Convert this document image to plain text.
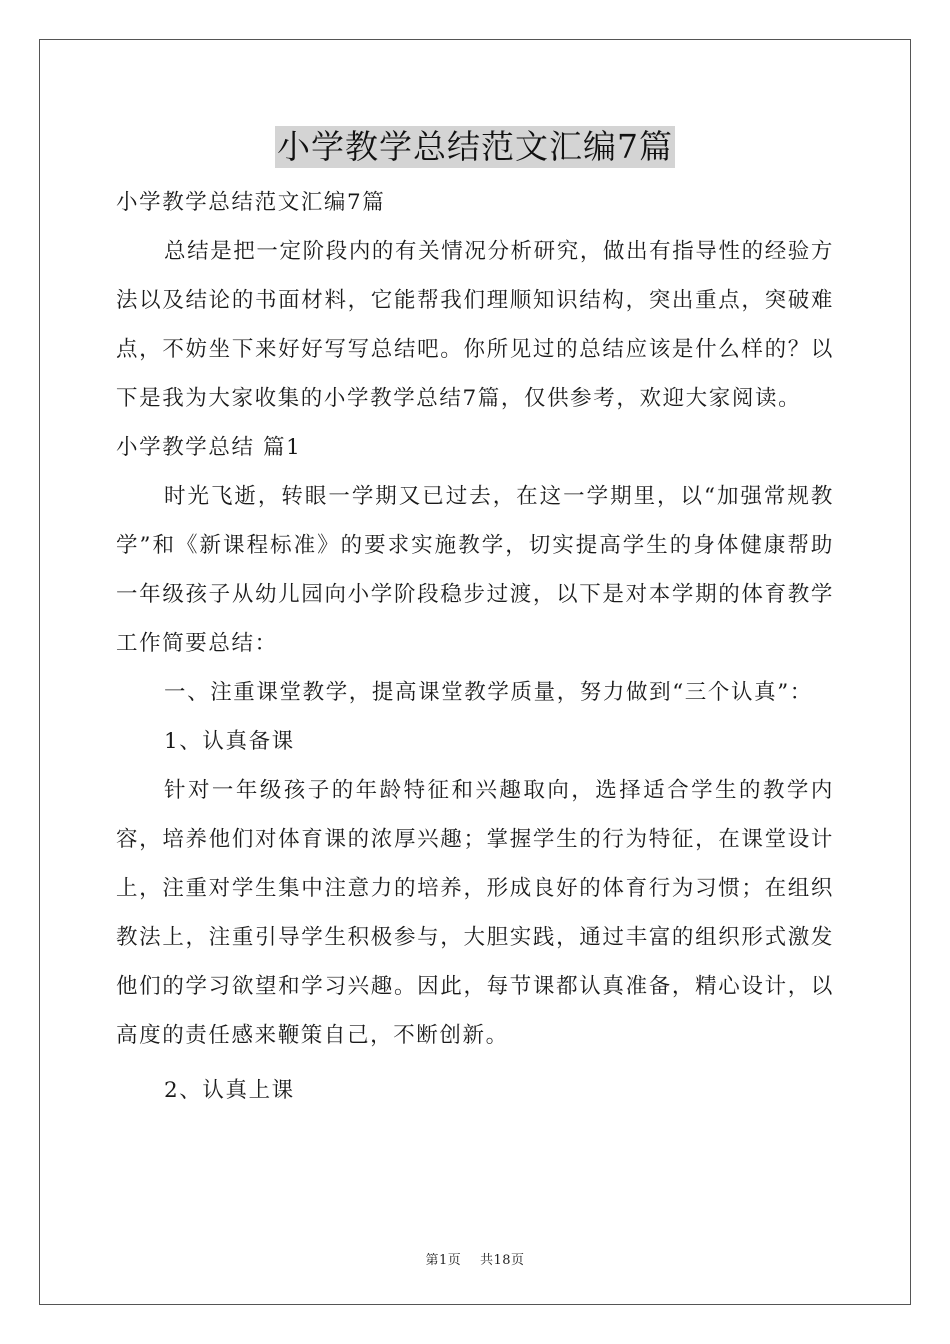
小学教学总结范文汇编7篇

小学教学总结范文汇编7篇

总结是把一定阶段内的有关情况分析研究，做出有指导性的经验方法以及结论的书面材料，它能帮我们理顺知识结构，突出重点，突破难点，不妨坐下来好好写写总结吧。你所见过的总结应该是什么样的？以下是我为大家收集的小学教学总结7篇，仅供参考，欢迎大家阅读。

小学教学总结 篇1

时光飞逝，转眼一学期又已过去，在这一学期里，以“加强常规教学”和《新课程标准》的要求实施教学，切实提高学生的身体健康帮助一年级孩子从幼儿园向小学阶段稳步过渡，以下是对本学期的体育教学工作简要总结：

一、注重课堂教学，提高课堂教学质量，努力做到“三个认真”：

1、认真备课

针对一年级孩子的年龄特征和兴趣取向，选择适合学生的教学内容，培养他们对体育课的浓厚兴趣；掌握学生的行为特征，在课堂设计上，注重对学生集中注意力的培养，形成良好的体育行为习惯；在组织教法上，注重引导学生积极参与，大胆实践，通过丰富的组织形式激发他们的学习欲望和学习兴趣。因此，每节课都认真准备，精心设计，以高度的责任感来鞭策自己，不断创新。

2、认真上课

第1页 共18页
